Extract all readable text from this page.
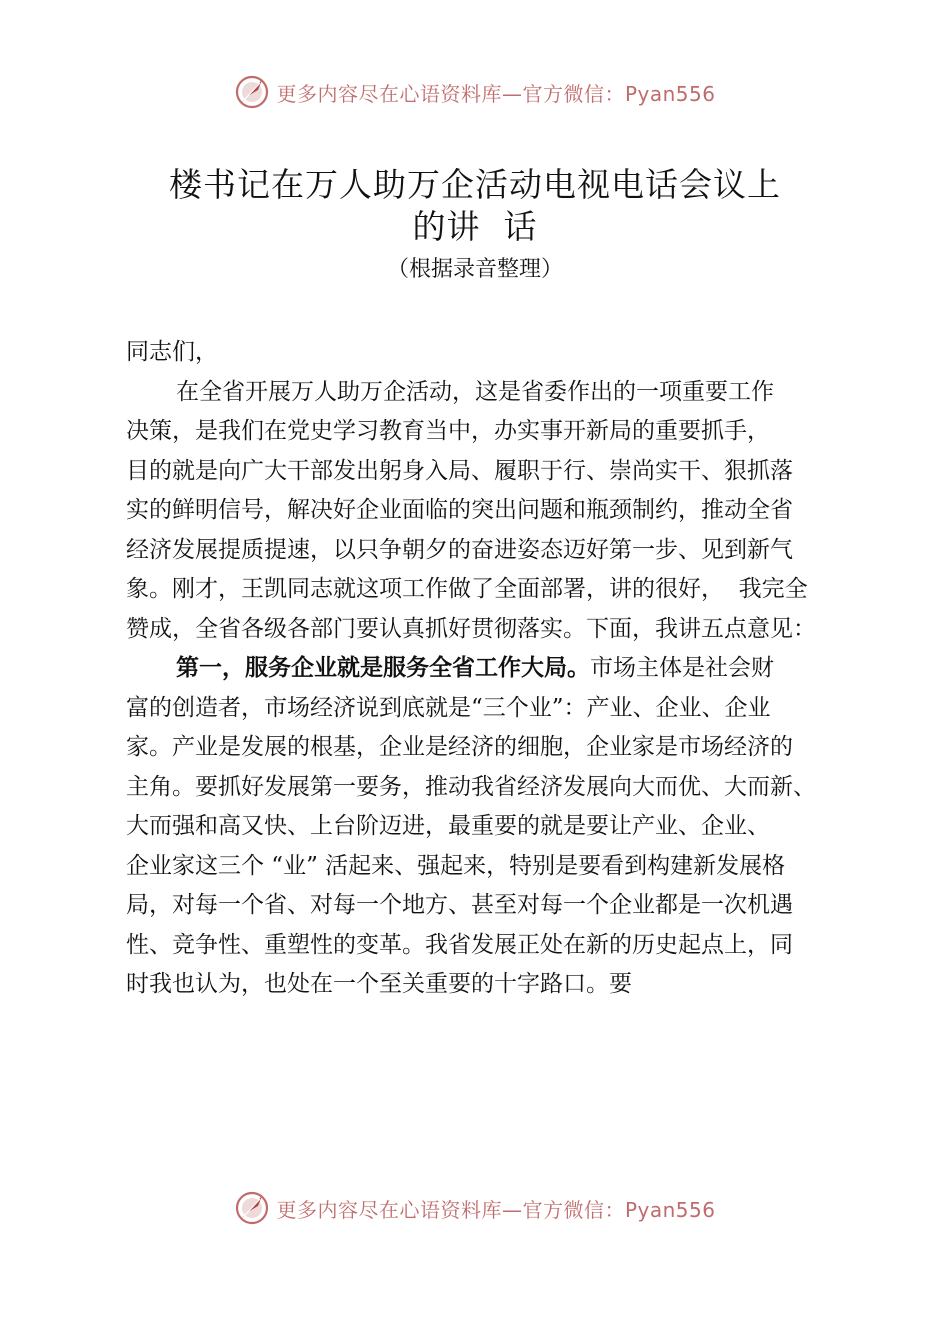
更多内容尽在心语资料库—官方微信：Pyan556
楼书记在万人助万企活动电视电话会议上
的讲  话
（根据录音整理）
同志们，
在全省开展万人助万企活动，这是省委作出的一项重要工作
决策，是我们在党史学习教育当中，办实事开新局的重要抓手，
目的就是向广大干部发出躬身入局、履职于行、崇尚实干、狠抓落
实的鲜明信号，解决好企业面临的突出问题和瓶颈制约，推动全省
经济发展提质提速，以只争朝夕的奋进姿态迈好第一步、见到新气
象。刚才，王凯同志就这项工作做了全面部署，讲的很好，  我完全
赞成，全省各级各部门要认真抓好贯彻落实。下面，我讲五点意见：
第一，服务企业就是服务全省工作大局。市场主体是社会财
富的创造者，市场经济说到底就是“三个业”：产业、企业、企业
家。产业是发展的根基，企业是经济的细胞，企业家是市场经济的
主角。要抓好发展第一要务，推动我省经济发展向大而优、大而新、
大而强和高又快、上台阶迈进，最重要的就是要让产业、企业、
企业家这三个 “业” 活起来、强起来，特别是要看到构建新发展格
局，对每一个省、对每一个地方、甚至对每一个企业都是一次机遇
性、竞争性、重塑性的变革。我省发展正处在新的历史起点上，同
时我也认为，也处在一个至关重要的十字路口。要
更多内容尽在心语资料库—官方微信：Pyan556
